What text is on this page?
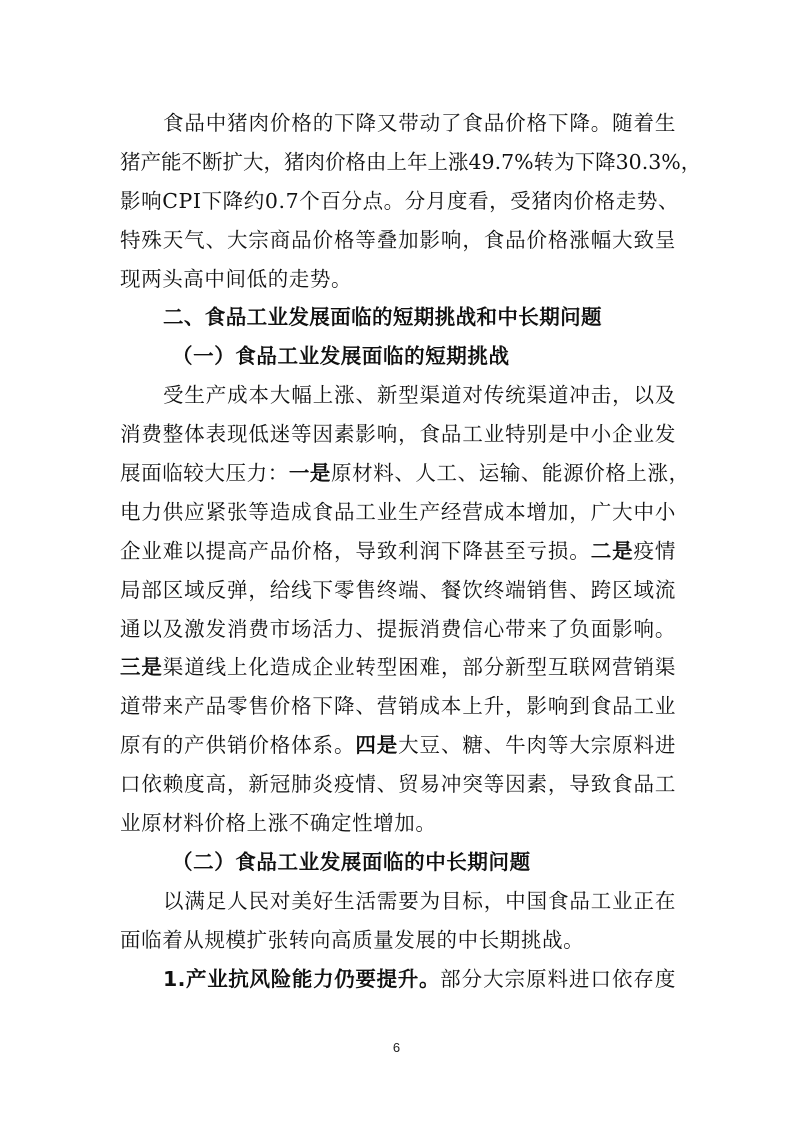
食品中猪肉价格的下降又带动了食品价格下降。随着生
猪产能不断扩大，猪肉价格由上年上涨49.7%转为下降30.3%，
影响CPI下降约0.7个百分点。分月度看，受猪肉价格走势、
特殊天气、大宗商品价格等叠加影响，食品价格涨幅大致呈
现两头高中间低的走势。
二、食品工业发展面临的短期挑战和中长期问题
（一）食品工业发展面临的短期挑战
受生产成本大幅上涨、新型渠道对传统渠道冲击，以及
消费整体表现低迷等因素影响，食品工业特别是中小企业发
展面临较大压力：一是原材料、人工、运输、能源价格上涨，
电力供应紧张等造成食品工业生产经营成本增加，广大中小
企业难以提高产品价格，导致利润下降甚至亏损。二是疫情
局部区域反弹，给线下零售终端、餐饮终端销售、跨区域流
通以及激发消费市场活力、提振消费信心带来了负面影响。
三是渠道线上化造成企业转型困难，部分新型互联网营销渠
道带来产品零售价格下降、营销成本上升，影响到食品工业
原有的产供销价格体系。四是大豆、糖、牛肉等大宗原料进
口依赖度高，新冠肺炎疫情、贸易冲突等因素，导致食品工
业原材料价格上涨不确定性增加。
（二）食品工业发展面临的中长期问题
以满足人民对美好生活需要为目标，中国食品工业正在
面临着从规模扩张转向高质量发展的中长期挑战。
1.产业抗风险能力仍要提升。部分大宗原料进口依存度
6
